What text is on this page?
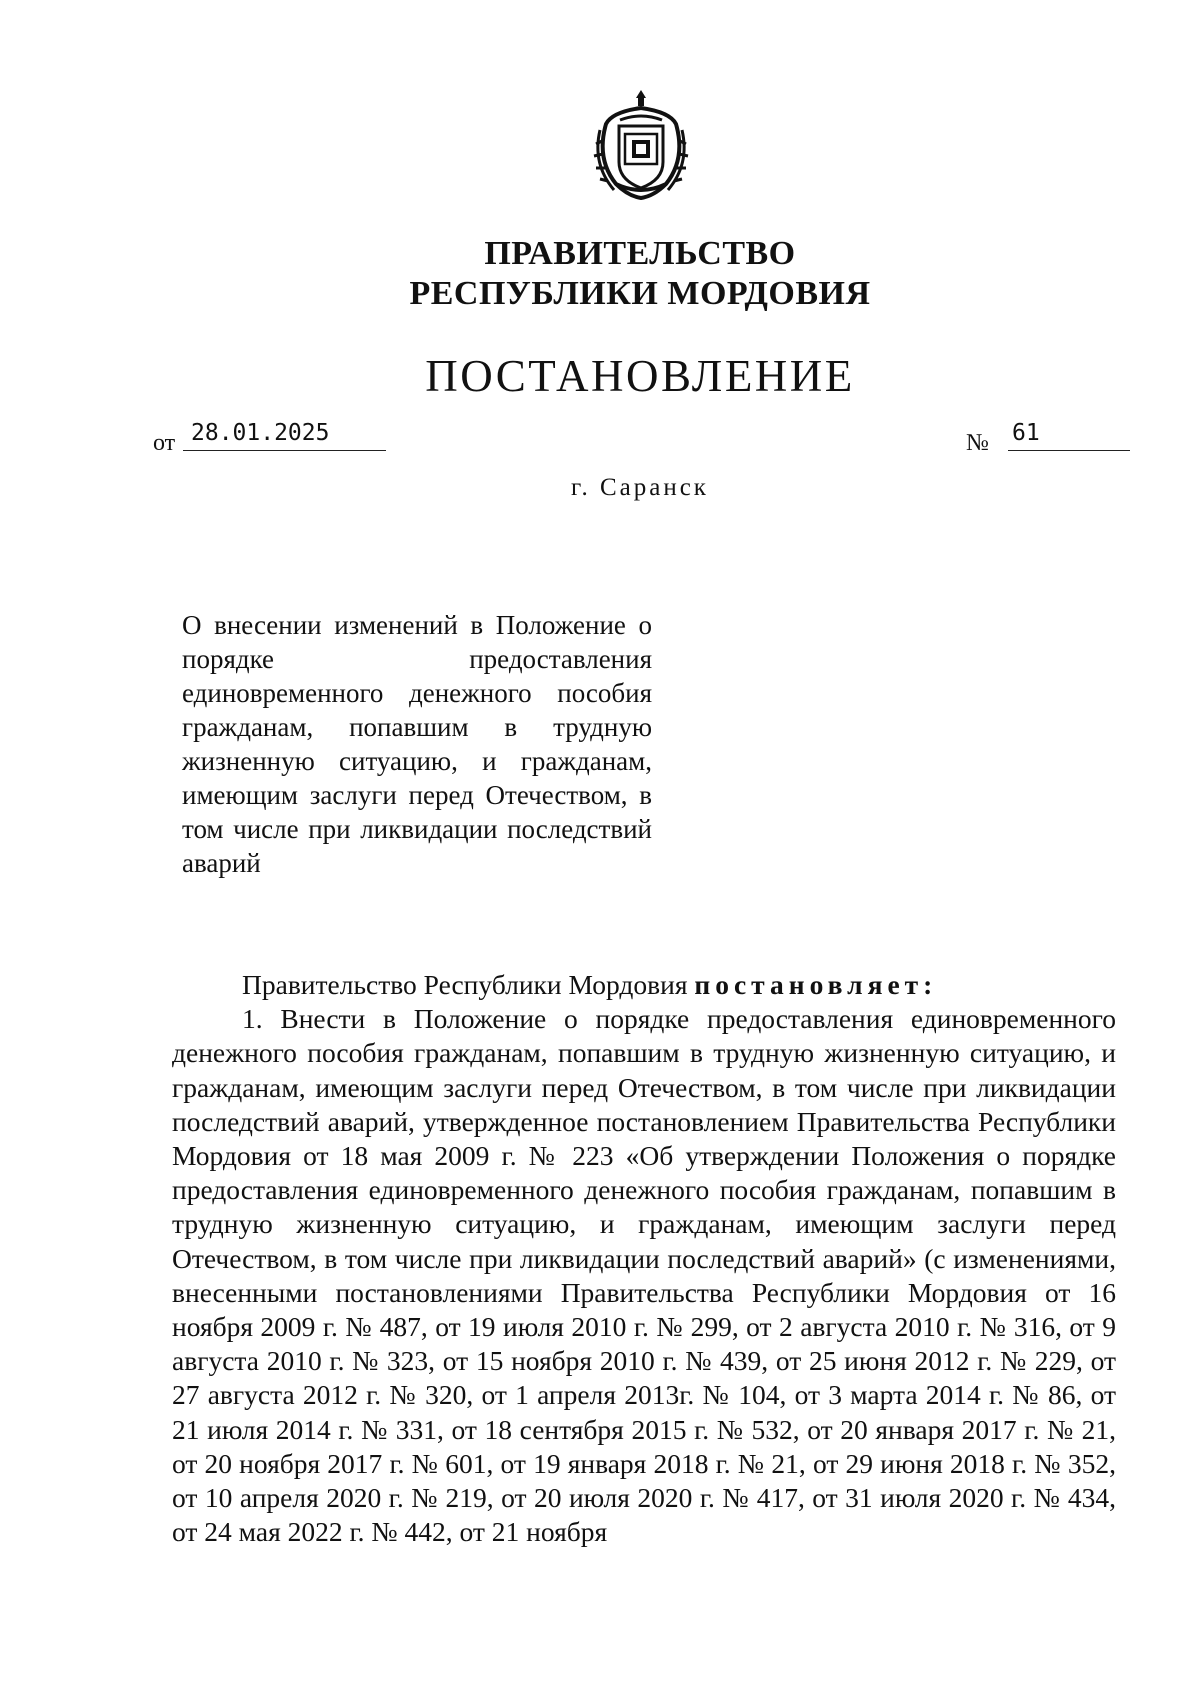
ПРАВИТЕЛЬСТВО
РЕСПУБЛИКИ МОРДОВИЯ
ПОСТАНОВЛЕНИЕ
от 28.01.2025	№ 61
г. Саранск
О внесении изменений в Положение о порядке предоставления единовременного денежного пособия гражданам, попавшим в трудную жизненную ситуацию, и гражданам, имеющим заслуги перед Отечеством, в том числе при ликвидации последствий аварий

Правительство Республики Мордовия постановляет:

1. Внести в Положение о порядке предоставления единовременного денежного пособия гражданам, попавшим в трудную жизненную ситуацию, и гражданам, имеющим заслуги перед Отечеством, в том числе при ликвидации последствий аварий, утвержденное постановлением Правительства Республики Мордовия от 18 мая 2009 г. № 223 «Об утверждении Положения о порядке предоставления единовременного денежного пособия гражданам, попавшим в трудную жизненную ситуацию, и гражданам, имеющим заслуги перед Отечеством, в том числе при ликвидации последствий аварий» (с изменениями, внесенными постановлениями Правительства Республики Мордовия от 16 ноября 2009 г. № 487, от 19 июля 2010 г. № 299, от 2 августа 2010 г. № 316, от 9 августа 2010 г. № 323, от 15 ноября 2010 г. № 439, от 25 июня 2012 г. № 229, от 27 августа 2012 г. № 320, от 1 апреля 2013г. № 104, от 3 марта 2014 г. № 86, от 21 июля 2014 г. № 331, от 18 сентября 2015 г. № 532, от 20 января 2017 г. № 21, от 20 ноября 2017 г. № 601, от 19 января 2018 г. № 21, от 29 июня 2018 г. № 352, от 10 апреля 2020 г. № 219, от 20 июля 2020 г. № 417, от 31 июля 2020 г. № 434, от 24 мая 2022 г. № 442, от 21 ноября
